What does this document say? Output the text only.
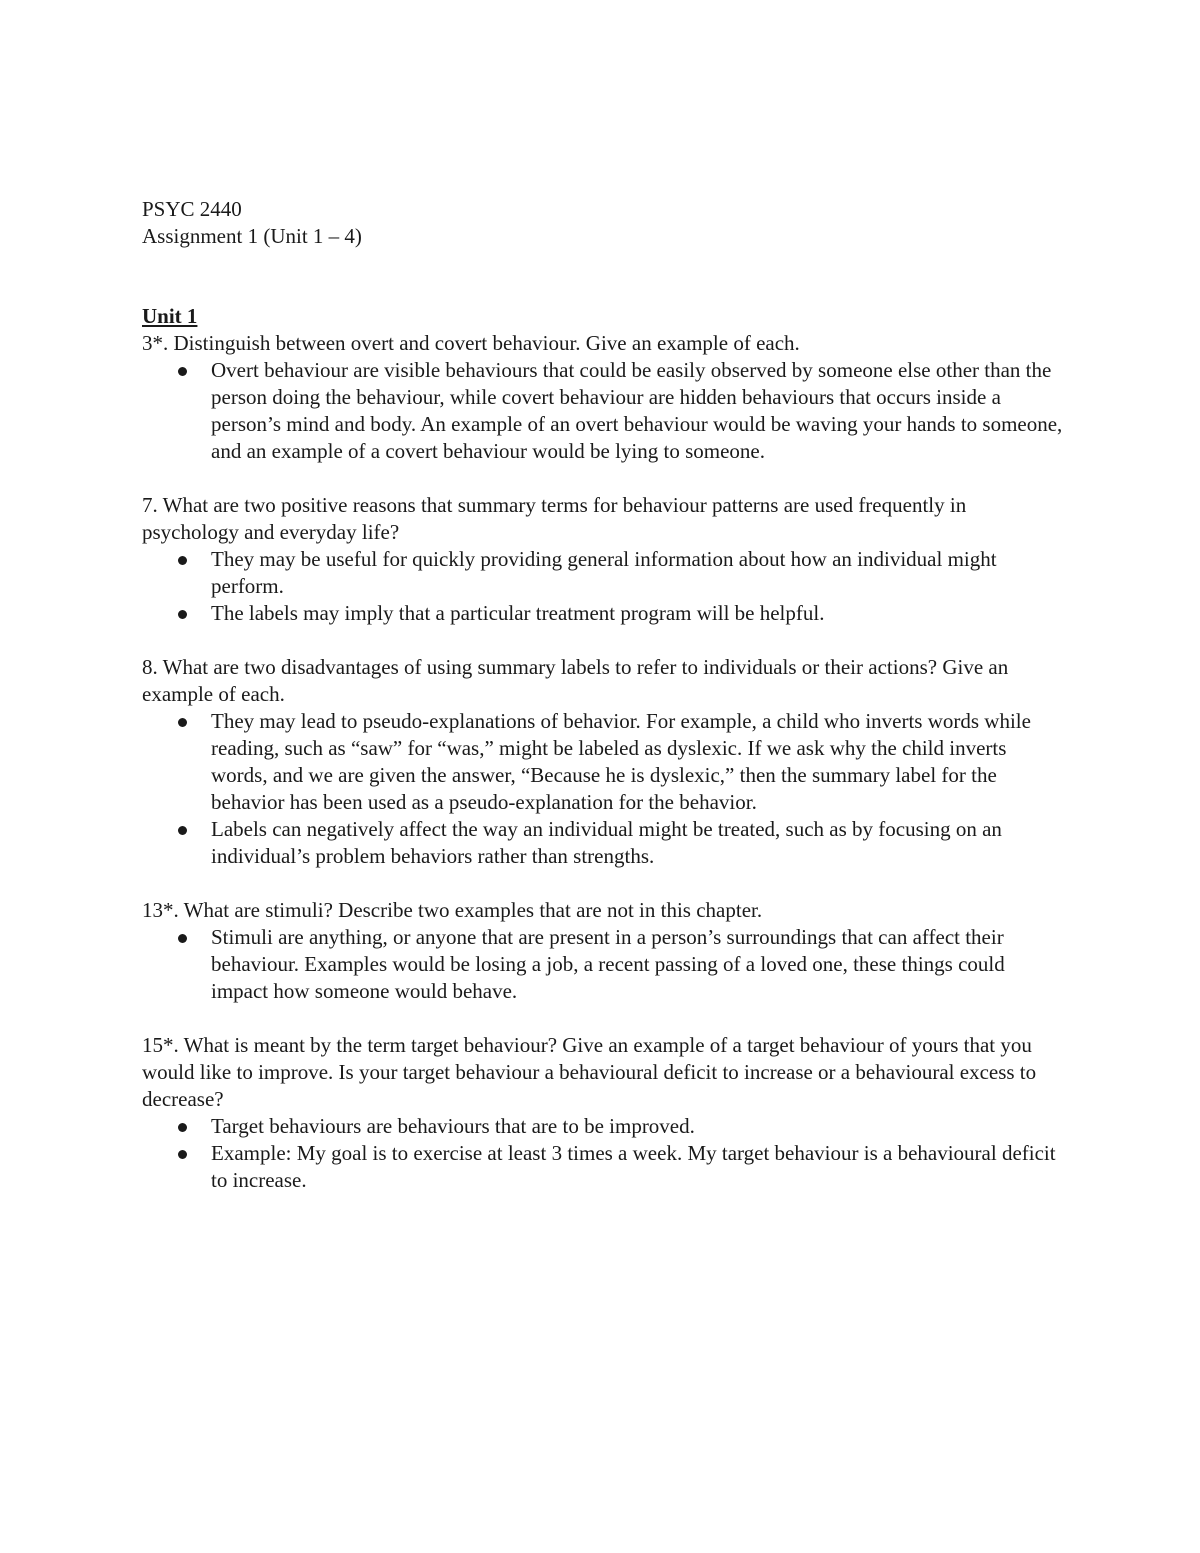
PSYC 2440

Assignment 1 (Unit 1 – 4)

Unit 1

3*. Distinguish between overt and covert behaviour. Give an example of each.

Overt behaviour are visible behaviours that could be easily observed by someone else other than the person doing the behaviour, while covert behaviour are hidden behaviours that occurs inside a person’s mind and body. An example of an overt behaviour would be waving your hands to someone, and an example of a covert behaviour would be lying to someone.

7. What are two positive reasons that summary terms for behaviour patterns are used frequently in psychology and everyday life?

They may be useful for quickly providing general information about how an individual might perform.
The labels may imply that a particular treatment program will be helpful.

8. What are two disadvantages of using summary labels to refer to individuals or their actions? Give an example of each.

They may lead to pseudo-explanations of behavior. For example, a child who inverts words while reading, such as “saw” for “was,” might be labeled as dyslexic. If we ask why the child inverts words, and we are given the answer, “Because he is dyslexic,” then the summary label for the behavior has been used as a pseudo-explanation for the behavior.
Labels can negatively affect the way an individual might be treated, such as by focusing on an individual’s problem behaviors rather than strengths.

13*. What are stimuli? Describe two examples that are not in this chapter.

Stimuli are anything, or anyone that are present in a person’s surroundings that can affect their behaviour. Examples would be losing a job, a recent passing of a loved one, these things could impact how someone would behave.

15*. What is meant by the term target behaviour? Give an example of a target behaviour of yours that you would like to improve. Is your target behaviour a behavioural deficit to increase or a behavioural excess to decrease?

Target behaviours are behaviours that are to be improved.
Example: My goal is to exercise at least 3 times a week. My target behaviour is a behavioural deficit to increase.
